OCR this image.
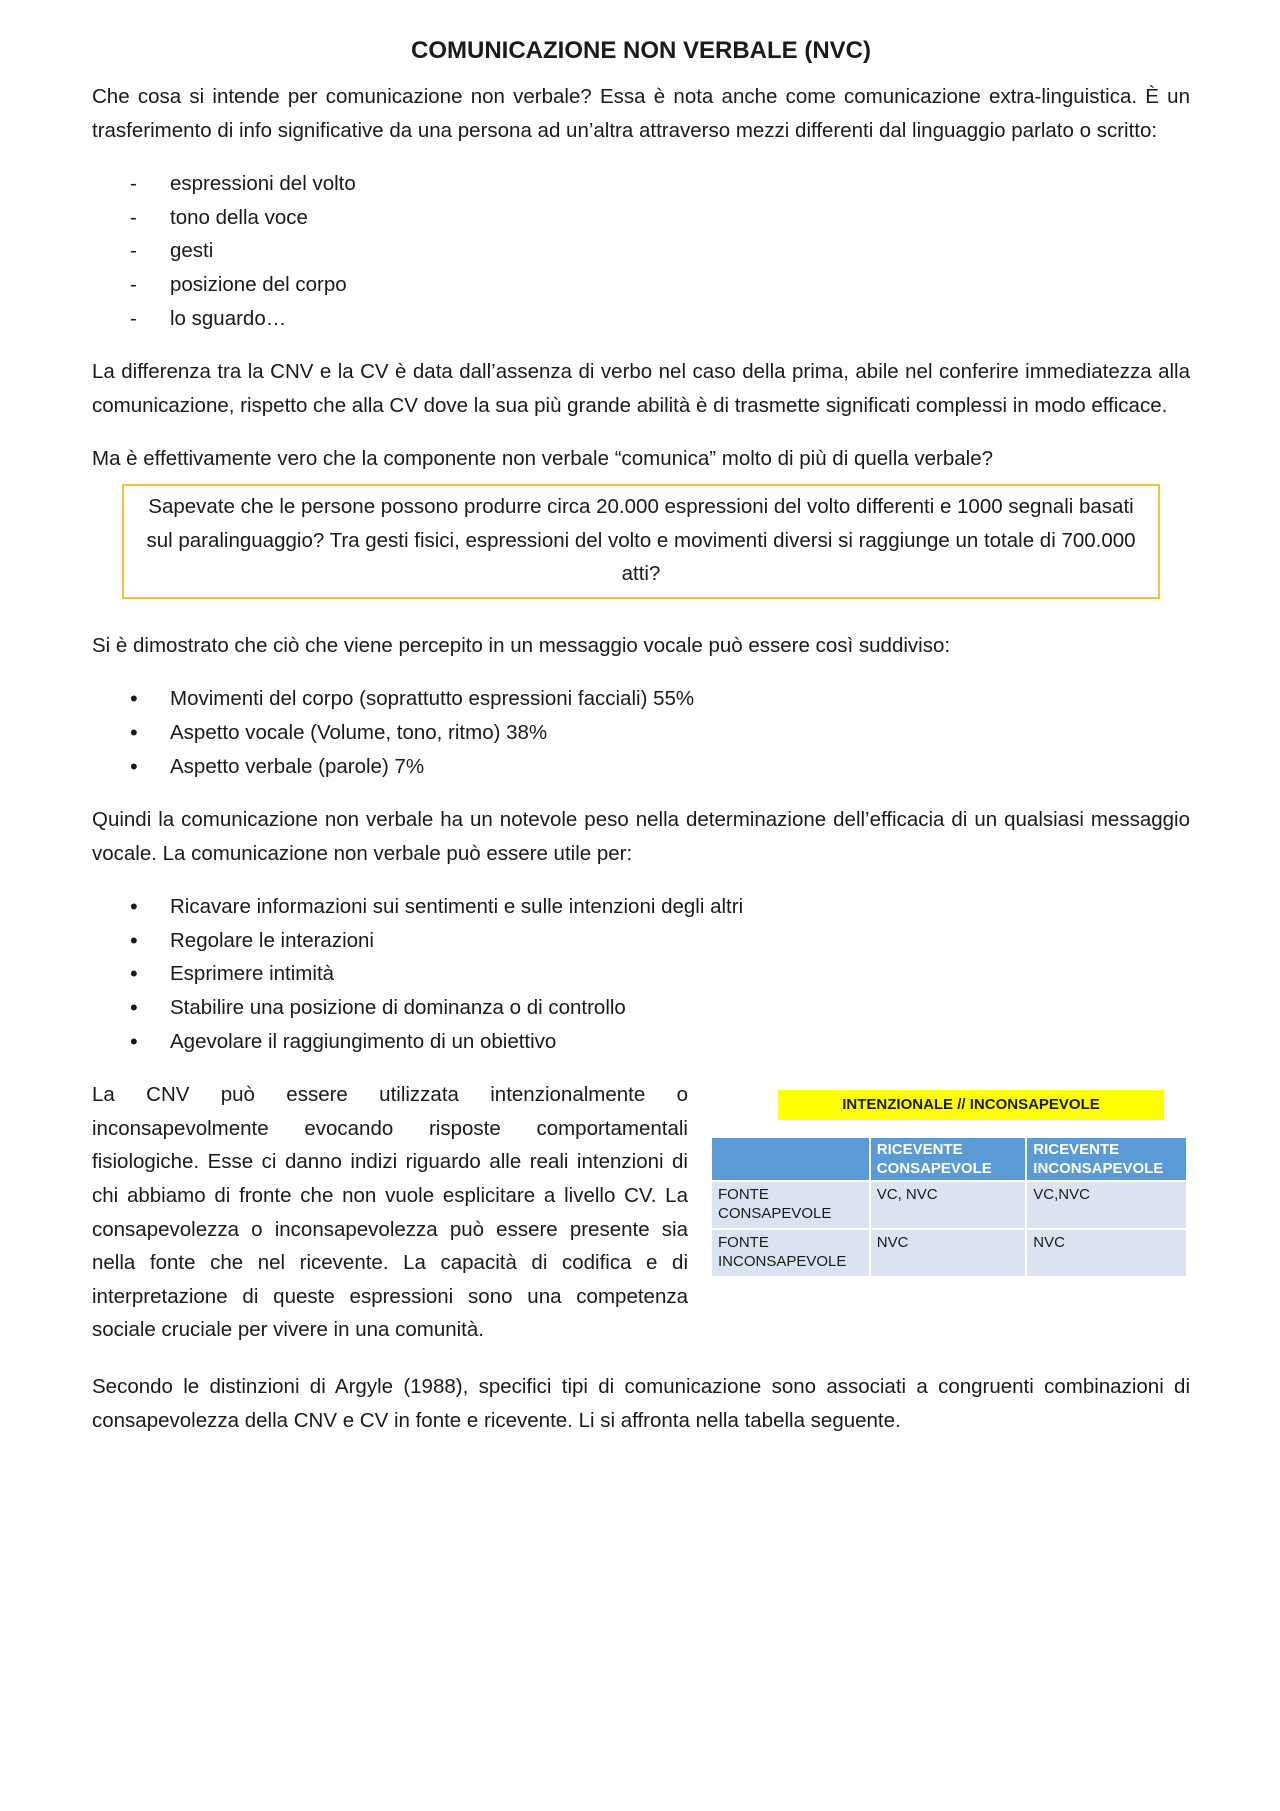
COMUNICAZIONE NON VERBALE (NVC)

Che cosa si intende per comunicazione non verbale? Essa è nota anche come comunicazione extra-linguistica. È un trasferimento di info significative da una persona ad un’altra attraverso mezzi differenti dal linguaggio parlato o scritto:

- espressioni del volto
- tono della voce
- gesti
- posizione del corpo
- lo sguardo…

La differenza tra la CNV e la CV è data dall’assenza di verbo nel caso della prima, abile nel conferire immediatezza alla comunicazione, rispetto che alla CV dove la sua più grande abilità è di trasmette significati complessi in modo efficace.

Ma è effettivamente vero che la componente non verbale “comunica” molto di più di quella verbale?

Sapevate che le persone possono produrre circa 20.000 espressioni del volto differenti e 1000 segnali basati sul paralinguaggio? Tra gesti fisici, espressioni del volto e movimenti diversi si raggiunge un totale di 700.000 atti?

Si è dimostrato che ciò che viene percepito in un messaggio vocale può essere così suddiviso:

• Movimenti del corpo (soprattutto espressioni facciali) 55%
• Aspetto vocale (Volume, tono, ritmo) 38%
• Aspetto verbale (parole) 7%

Quindi la comunicazione non verbale ha un notevole peso nella determinazione dell’efficacia di un qualsiasi messaggio vocale. La comunicazione non verbale può essere utile per:

• Ricavare informazioni sui sentimenti e sulle intenzioni degli altri
• Regolare le interazioni
• Esprimere intimità
• Stabilire una posizione di dominanza o di controllo
• Agevolare il raggiungimento di un obiettivo

La CNV può essere utilizzata intenzionalmente o inconsapevolmente evocando risposte comportamentali fisiologiche. Esse ci danno indizi riguardo alle reali intenzioni di chi abbiamo di fronte che non vuole esplicitare a livello CV. La consapevolezza o inconsapevolezza può essere presente sia nella fonte che nel ricevente. La capacità di codifica e di interpretazione di queste espressioni sono una competenza sociale cruciale per vivere in una comunità.

INTENZIONALE // INCONSAPEVOLE
	RICEVENTE CONSAPEVOLE	RICEVENTE INCONSAPEVOLE
FONTE CONSAPEVOLE	VC, NVC	VC,NVC
FONTE INCONSAPEVOLE	NVC	NVC

Secondo le distinzioni di Argyle (1988), specifici tipi di comunicazione sono associati a congruenti combinazioni di consapevolezza della CNV e CV in fonte e ricevente. Li si affronta nella tabella seguente.
